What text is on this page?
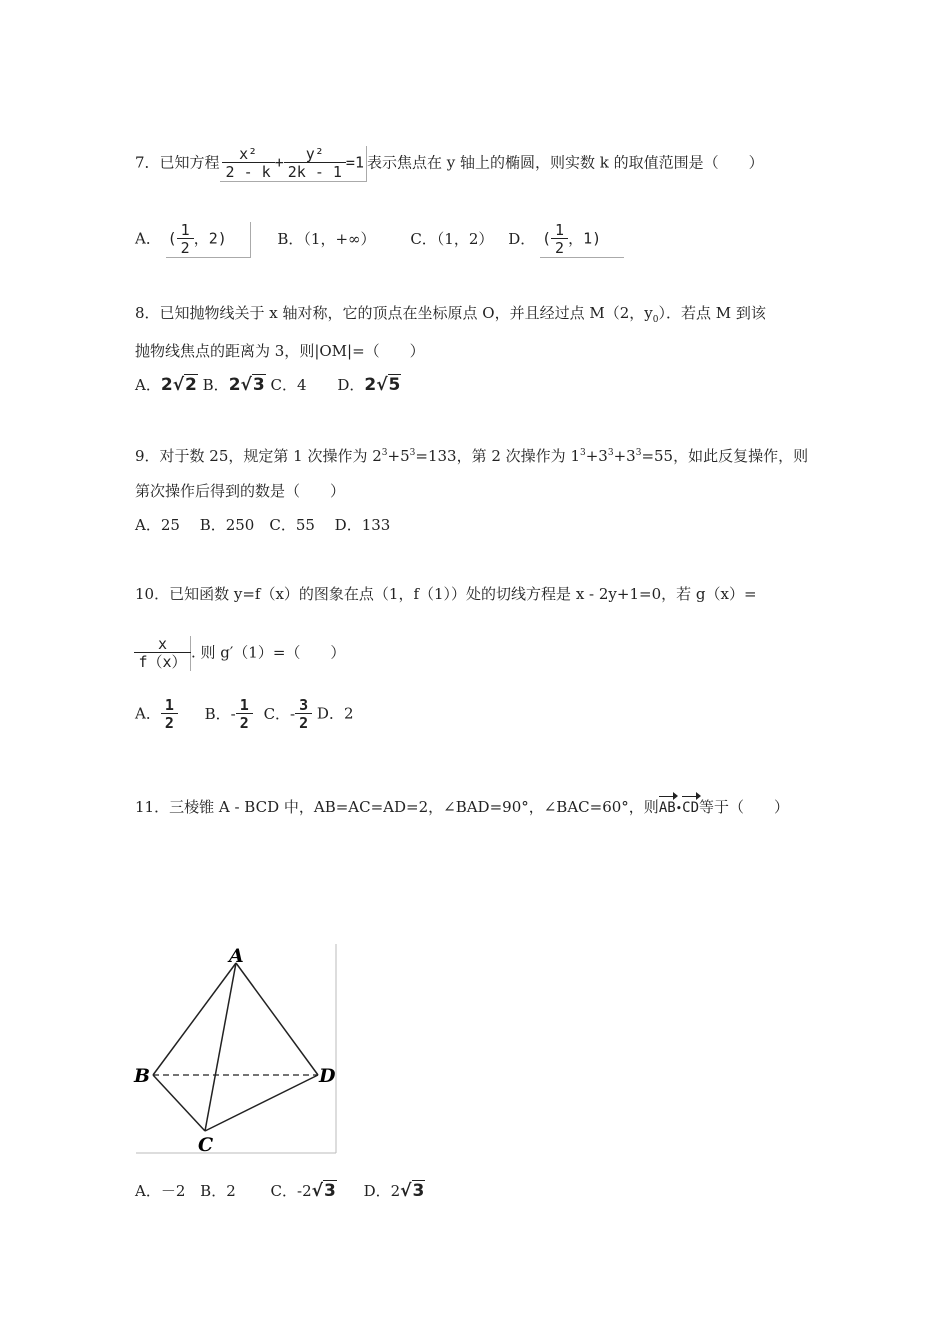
7．已知方程 $\frac{\text{x²}}{2 - k} + \frac{\text{y²}}{2k - 1} =1$ 表示焦点在 y 轴上的椭圆，则实数 k 的取值范围是（　　）
A． ( $\frac{1}{2}$ ，2)	B．（1，+∞） C．（1，2） D． ( $\frac{1}{2}$ ，1)
8．已知抛物线关于 x 轴对称，它的顶点在坐标原点 O，并且经过点 M（2，$y_0$）．若点 M 到该
抛物线焦点的距离为 3，则|OM|=（　　）
A．2√2 B．2√3 C．4 D．2√5
9．对于数 25，规定第 1 次操作为 $2^3+5^3=133$，第 2 次操作为 $1^3+3^3+3^3=55$，如此反复操作，则
第次操作后得到的数是（　　）
A．25　 B．250　C．55　 D．133
10．已知函数 y=f（x）的图象在点（1，f（1））处的切线方程是 x - 2y+1=0，若 g（x）=
$\frac{x}{f(x)}$ . 则 g′（1）=（　　）
A． $\frac{1}{2}$ B．- $\frac{1}{2}$ C．- $\frac{3}{2}$ D．2
11．三棱锥 A - BCD 中，AB=AC=AD=2，∠BAD=90°，∠BAC=60°，则AB•CD等于（　　）
A
B
C
D
A．－2 B．2 C．-2√3 D．2√3
